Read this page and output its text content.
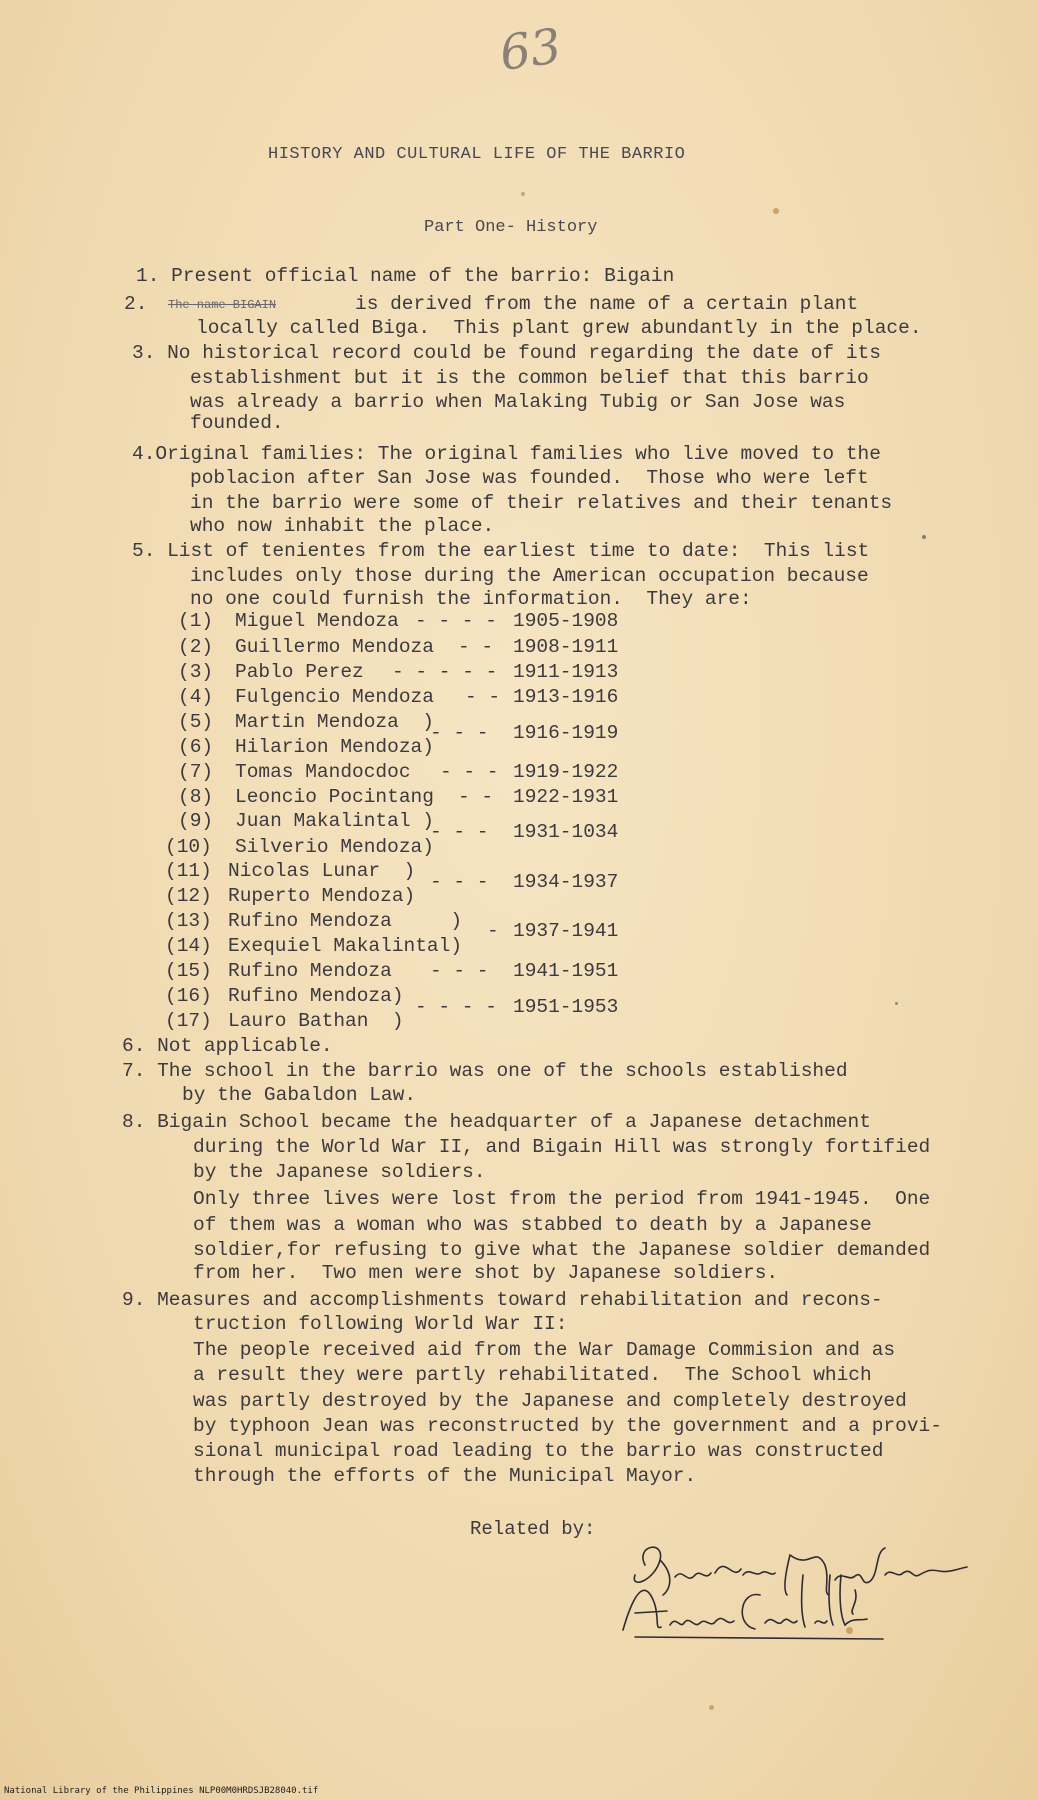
63
HISTORY AND CULTURAL LIFE OF THE BARRIO
Part One- History
1. Present official name of the barrio: Bigain
2. The name BIGAIN	is derived from the name of a certain plant
locally called Biga.  This plant grew abundantly in the place.
3. No historical record could be found regarding the date of its
establishment but it is the common belief that this barrio
was already a barrio when Malaking Tubig or San Jose was
founded.
4.Original families: The original families who live moved to the
poblacion after San Jose was founded.  Those who were left
in the barrio were some of their relatives and their tenants
who now inhabit the place.
5. List of tenientes from the earliest time to date:  This list
includes only those during the American occupation because
no one could furnish the information.  They are:
(1) Miguel Mendoza - - - - 1905-1908
(2) Guillermo Mendoza - - 1908-1911
(3) Pablo Perez - - - - - 1911-1913
(4) Fulgencio Mendoza - - 1913-1916
(5) Martin Mendoza  )
(6) Hilarion Mendoza)
- - - 1916-1919
(7) Tomas Mandocdoc - - - 1919-1922
(8) Leoncio Pocintang - - 1922-1931
(9) Juan Makalintal )
(10) Silverio Mendoza)
- - - 1931-1034
(11) Nicolas Lunar  )
(12) Ruperto Mendoza)
- - - 1934-1937
(13) Rufino Mendoza     )
(14) Exequiel Makalintal)
- 1937-1941
(15) Rufino Mendoza - - - 1941-1951
(16) Rufino Mendoza)
(17) Lauro Bathan  )
- - - - 1951-1953
6. Not applicable.
7. The school in the barrio was one of the schools established
by the Gabaldon Law.
8. Bigain School became the headquarter of a Japanese detachment
during the World War II, and Bigain Hill was strongly fortified
by the Japanese soldiers.
Only three lives were lost from the period from 1941-1945.  One
of them was a woman who was stabbed to death by a Japanese
soldier,for refusing to give what the Japanese soldier demanded
from her.  Two men were shot by Japanese soldiers.
9. Measures and accomplishments toward rehabilitation and recons-
truction following World War II:
The people received aid from the War Damage Commision and as
a result they were partly rehabilitated.  The School which
was partly destroyed by the Japanese and completely destroyed
by typhoon Jean was reconstructed by the government and a provi-
sional municipal road leading to the barrio was constructed
through the efforts of the Municipal Mayor.
Related by:
National Library of the Philippines NLP00M0HRDSJB28040.tif
